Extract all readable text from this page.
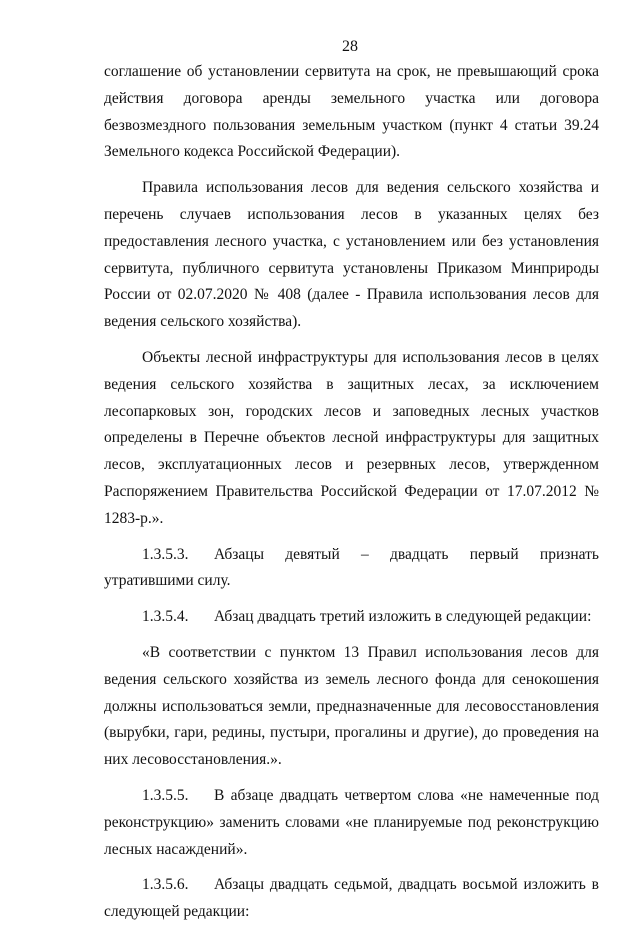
28

соглашение об установлении сервитута на срок, не превышающий срока действия договора аренды земельного участка или договора безвозмездного пользования земельным участком (пункт 4 статьи 39.24 Земельного кодекса Российской Федерации).

Правила использования лесов для ведения сельского хозяйства и перечень случаев использования лесов в указанных целях без предоставления лесного участка, с установлением или без установления сервитута, публичного сервитута установлены Приказом Минприроды России от 02.07.2020 № 408 (далее - Правила использования лесов для ведения сельского хозяйства).

Объекты лесной инфраструктуры для использования лесов в целях ведения сельского хозяйства в защитных лесах, за исключением лесопарковых зон, городских лесов и заповедных лесных участков определены в Перечне объектов лесной инфраструктуры для защитных лесов, эксплуатационных лесов и резервных лесов, утвержденном Распоряжением Правительства Российской Федерации от 17.07.2012 № 1283-р.».

1.3.5.3. Абзацы девятый – двадцать первый признать утратившими силу.

1.3.5.4. Абзац двадцать третий изложить в следующей редакции:

«В соответствии с пунктом 13 Правил использования лесов для ведения сельского хозяйства из земель лесного фонда для сенокошения должны использоваться земли, предназначенные для лесовосстановления (вырубки, гари, редины, пустыри, прогалины и другие), до проведения на них лесовосстановления.».

1.3.5.5. В абзаце двадцать четвертом слова «не намеченные под реконструкцию» заменить словами «не планируемые под реконструкцию лесных насаждений».

1.3.5.6. Абзацы двадцать седьмой, двадцать восьмой изложить в следующей редакции:
